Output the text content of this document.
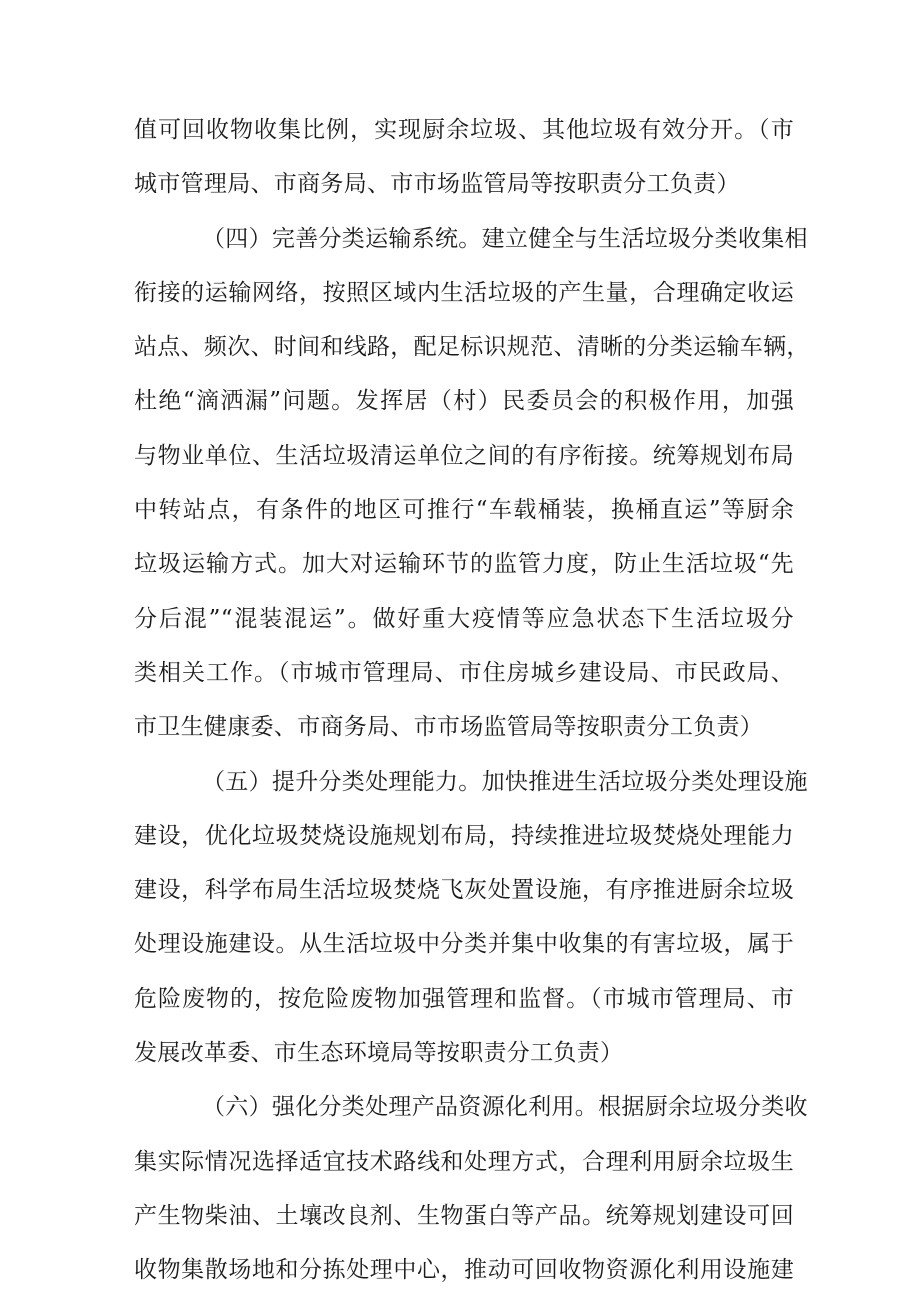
值可回收物收集比例，实现厨余垃圾、其他垃圾有效分开。（市
城市管理局、市商务局、市市场监管局等按职责分工负责）
（四）完善分类运输系统。建立健全与生活垃圾分类收集相
衔接的运输网络，按照区域内生活垃圾的产生量，合理确定收运
站点、频次、时间和线路，配足标识规范、清晰的分类运输车辆，
杜绝“滴洒漏”问题。发挥居（村）民委员会的积极作用，加强
与物业单位、生活垃圾清运单位之间的有序衔接。统筹规划布局
中转站点，有条件的地区可推行“车载桶装，换桶直运”等厨余
垃圾运输方式。加大对运输环节的监管力度，防止生活垃圾“先
分后混”“混装混运”。做好重大疫情等应急状态下生活垃圾分
类相关工作。（市城市管理局、市住房城乡建设局、市民政局、
市卫生健康委、市商务局、市市场监管局等按职责分工负责）
（五）提升分类处理能力。加快推进生活垃圾分类处理设施
建设，优化垃圾焚烧设施规划布局，持续推进垃圾焚烧处理能力
建设，科学布局生活垃圾焚烧飞灰处置设施，有序推进厨余垃圾
处理设施建设。从生活垃圾中分类并集中收集的有害垃圾，属于
危险废物的，按危险废物加强管理和监督。（市城市管理局、市
发展改革委、市生态环境局等按职责分工负责）
（六）强化分类处理产品资源化利用。根据厨余垃圾分类收
集实际情况选择适宜技术路线和处理方式，合理利用厨余垃圾生
产生物柴油、土壤改良剂、生物蛋白等产品。统筹规划建设可回
收物集散场地和分拣处理中心，推动可回收物资源化利用设施建
